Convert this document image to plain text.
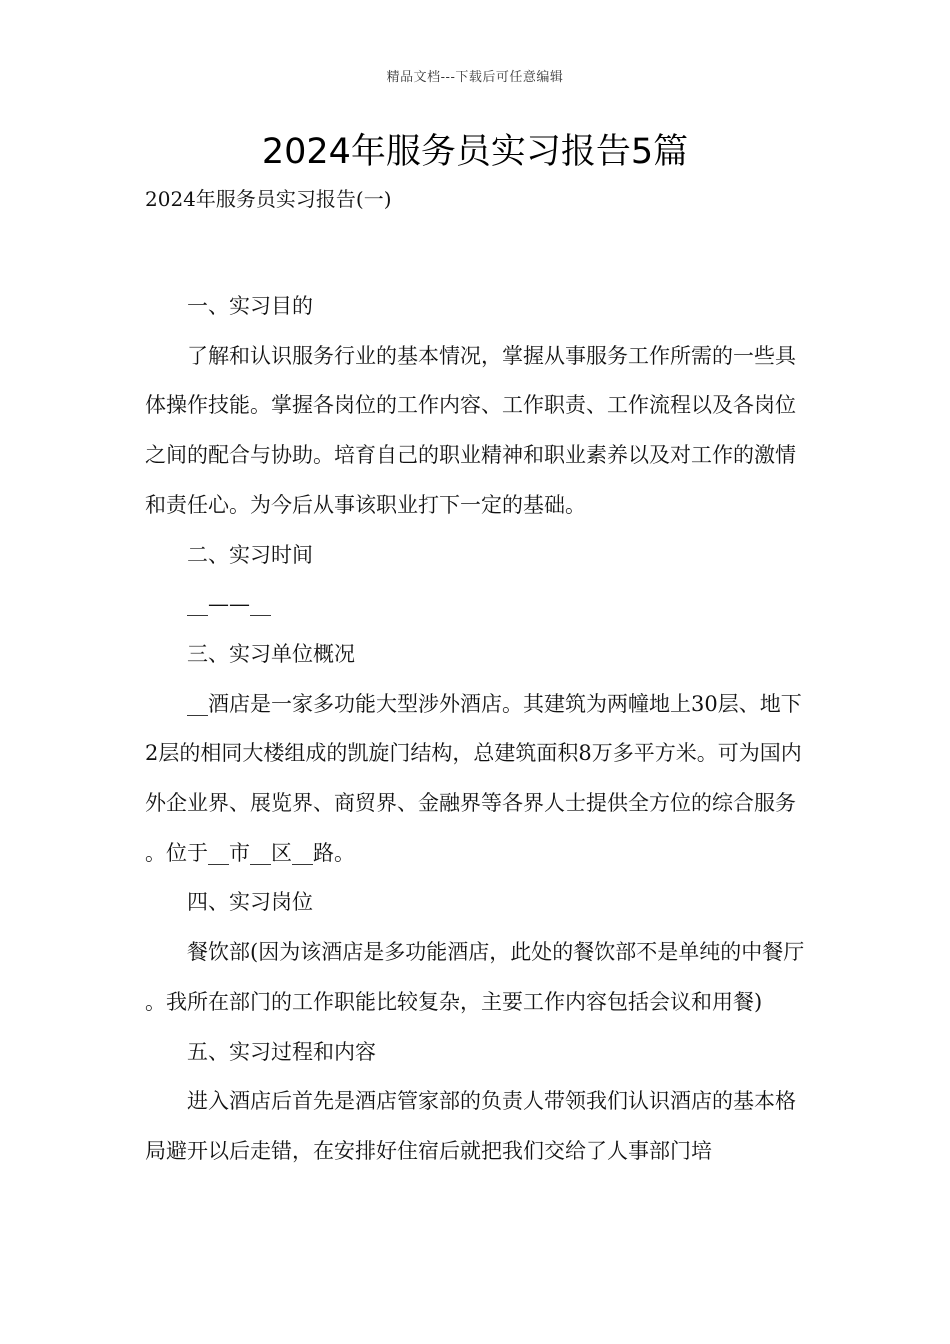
精品文档---下载后可任意编辑
2024年服务员实习报告5篇
2024年服务员实习报告(一)

一、实习目的

了解和认识服务行业的基本情况，掌握从事服务工作所需的一些具体操作技能。掌握各岗位的工作内容、工作职责、工作流程以及各岗位之间的配合与协助。培育自己的职业精神和职业素养以及对工作的激情和责任心。为今后从事该职业打下一定的基础。

二、实习时间

__——__

三、实习单位概况

__酒店是一家多功能大型涉外酒店。其建筑为两幢地上30层、地下2层的相同大楼组成的凯旋门结构，总建筑面积8万多平方米。可为国内外企业界、展览界、商贸界、金融界等各界人士提供全方位的综合服务。位于__市__区__路。

四、实习岗位

餐饮部(因为该酒店是多功能酒店，此处的餐饮部不是单纯的中餐厅。我所在部门的工作职能比较复杂，主要工作内容包括会议和用餐)

五、实习过程和内容

进入酒店后首先是酒店管家部的负责人带领我们认识酒店的基本格局避开以后走错，在安排好住宿后就把我们交给了人事部门培
